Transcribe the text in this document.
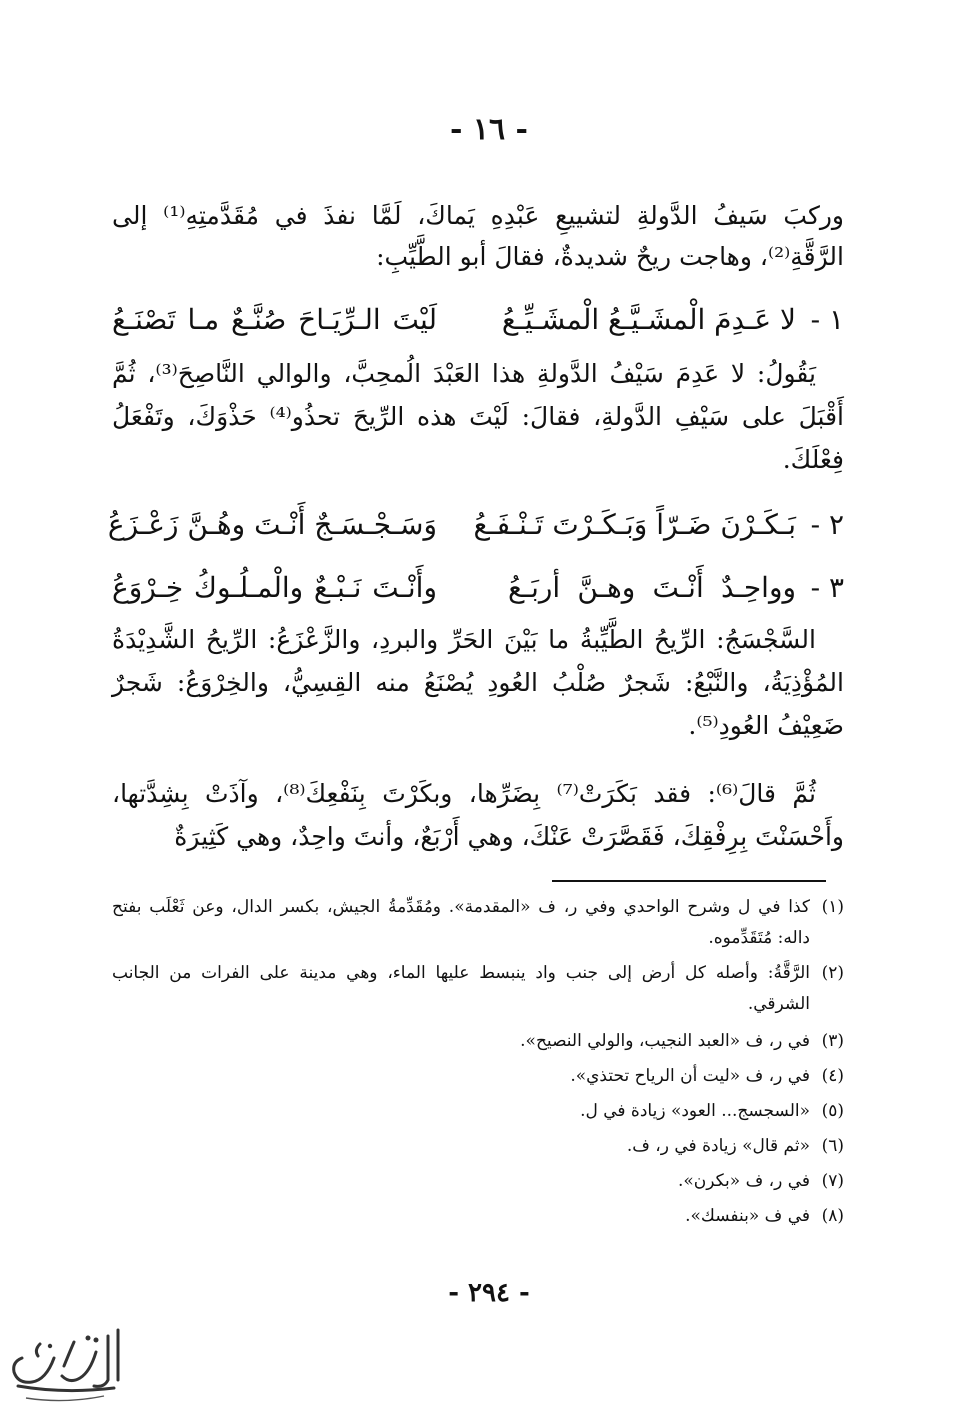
- ١٦ -
وركبَ سَيفُ الدَّولةِ لتشييعِ عَبْدِهِ يَماكَ، لَمَّا نفذَ في مُقَدَّمتِهِ⁽¹⁾ إلى الرَّقَّةِ⁽²⁾، وهاجت ريحٌ شديدةٌ، فقالَ أبو الطَّيِّبِ:
١ -
لا عَـدِمَ الْمشَـيَّـعُ الْمشَـيِّـعُ
لَيْتَ الـرِّيَـاحَ صُنَّـعٌ مـا تَصْنَـعُ
يَقُولُ: لا عَدِمَ سَيْفُ الدَّولةِ هذا العَبْدَ الُمحِبَّ، والوالي النَّاصِحَ⁽³⁾، ثُمَّ أَقْبَلَ على سَيْفِ الدَّولةِ، فقالَ: لَيْتَ هذه الرِّيحَ تحذُو⁽⁴⁾ حَذْوَكَ، وتَفْعَلُ فِعْلَكَ.
٢ -
بَـكَـرْنَ ضَـرّاً وَبَـكَـرْتَ تَـنْـفَـعُ
وَسَـجْـسَـجٌ أَنْـتَ وهُـنَّ زَعْـزَعُ
٣ -
وواحِـدٌ أَنْـتَ وهـنَّ أربَـعُ
وأَنْـتَ نَـبْـعٌ والْمـلُـوكُ خِـرْوَعُ
السَّجْسَجُ: الرِّيحُ الطَّيِّبةُ ما بَيْنَ الحَرِّ والبردِ، والزَّعْزَعُ: الرِّيحُ الشَّدِيْدَةُ المُؤْذِيَةُ، والنَّبْعُ: شَجرٌ صُلْبُ العُودِ يُصْنَعُ منه القِسِيُّ، والخِرْوَعُ: شَجرٌ ضَعِيْفُ العُودِ⁽⁵⁾.
ثُمَّ قالَ⁽⁶⁾: فقد بَكَرَتْ⁽⁷⁾ بِضَرِّها، وبكَرْتَ بِنَفْعِكَ⁽⁸⁾، وآذَتْ بِشِدَّتها، وأَحْسَنْتَ بِرِفْقِكَ، فَقَصَّرَتْ عَنْكَ، وهي أَرْبَعٌ، وأنتَ واحِدٌ، وهي كَثِيرَةٌ
(١)
كذا في ل وشرح الواحدي وفي ر، ف «المقدمة». ومُقَدِّمةُ الجيش، بكسر الدال، وعن ثَعْلَب بفتح داله: مُتَقَدِّموه.
(٢)
الرَّقَّةُ: وأصله كل أرض إلى جنب واد ينبسط عليها الماء، وهي مدينة على الفرات من الجانب الشرقي.
(٣)
في ر، ف «العبد النجيب، والولي النصيح».
(٤)
في ر، ف «ليت أن الرياح تحتذي».
(٥)
«السجسج... العود» زيادة في ل.
(٦)
«ثم قال» زيادة في ر، ف.
(٧)
في ر، ف «بكرن».
(٨)
في ف «بنفسك».
- ٢٩٤ -
